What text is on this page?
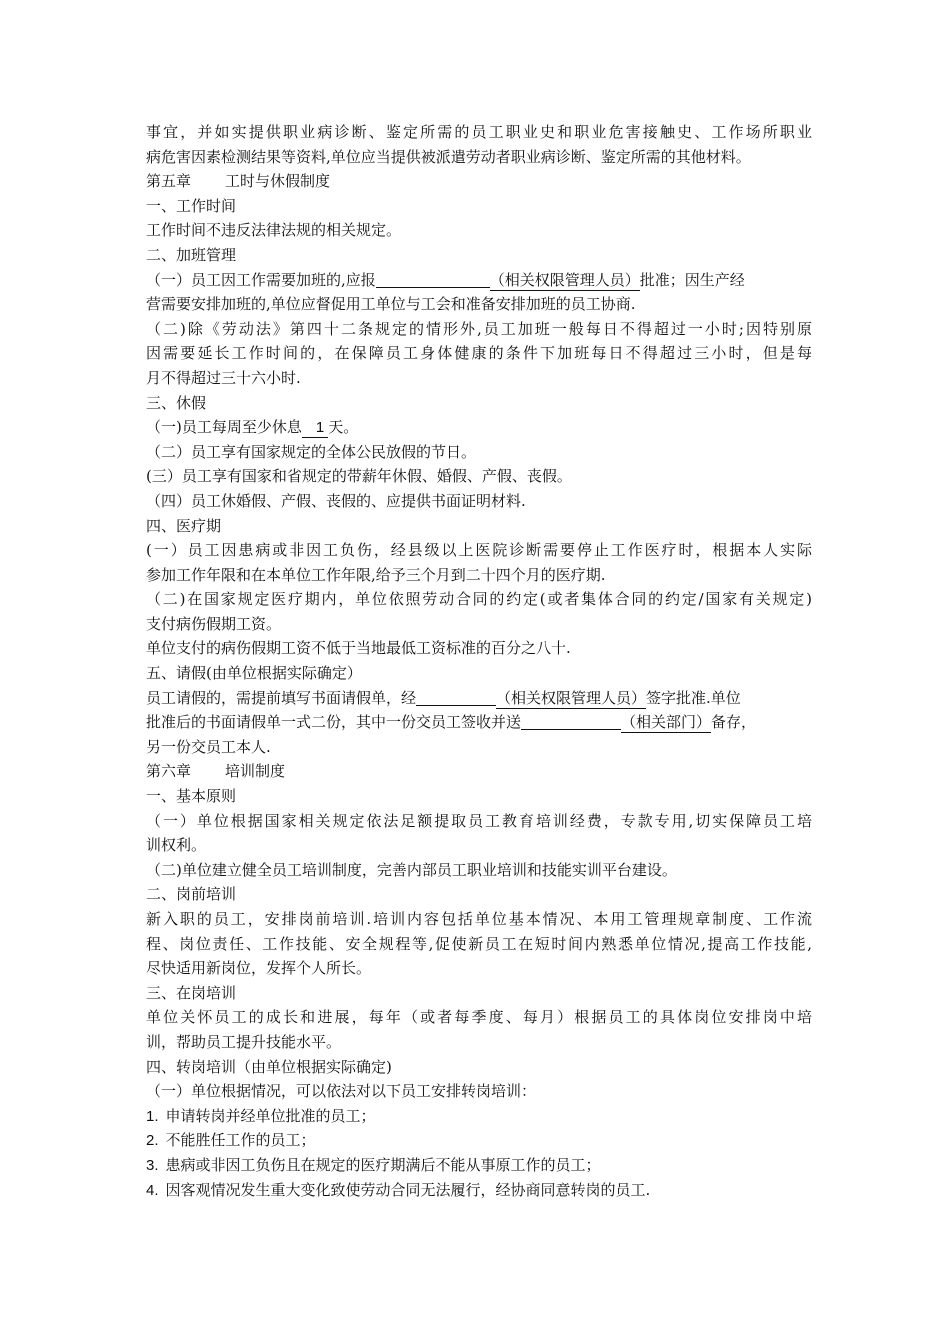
事宜，并如实提供职业病诊断、鉴定所需的员工职业史和职业危害接触史、工作场所职业
病危害因素检测结果等资料,单位应当提供被派遣劳动者职业病诊断、鉴定所需的其他材料。
第五章 工时与休假制度
一、工作时间
工作时间不违反法律法规的相关规定。
二、加班管理
（一）员工因工作需要加班的,应报	（相关权限管理人员）批准；因生产经
营需要安排加班的,单位应督促用工单位与工会和准备安排加班的员工协商.
（二)除《劳动法》第四十二条规定的情形外,员工加班一般每日不得超过一小时;因特别原
因需要延长工作时间的，在保障员工身体健康的条件下加班每日不得超过三小时，但是每
月不得超过三十六小时.
三、休假
（一)员工每周至少休息 1 天。
（二）员工享有国家规定的全体公民放假的节日。
(三）员工享有国家和省规定的带薪年休假、婚假、产假、丧假。
（四）员工休婚假、产假、丧假的、应提供书面证明材料.
四、医疗期
(一）员工因患病或非因工负伤，经县级以上医院诊断需要停止工作医疗时，根据本人实际
参加工作年限和在本单位工作年限,给予三个月到二十四个月的医疗期.
（二)在国家规定医疗期内，单位依照劳动合同的约定(或者集体合同的约定/国家有关规定)
支付病伤假期工资。
单位支付的病伤假期工资不低于当地最低工资标准的百分之八十.
五、请假(由单位根据实际确定）
员工请假的，需提前填写书面请假单，经	（相关权限管理人员）签字批准.单位
批准后的书面请假单一式二份，其中一份交员工签收并送	（相关部门）备存，
另一份交员工本人.
第六章 培训制度
一、基本原则
（一）单位根据国家相关规定依法足额提取员工教育培训经费，专款专用,切实保障员工培
训权利。
（二)单位建立健全员工培训制度，完善内部员工职业培训和技能实训平台建设。
二、岗前培训
新入职的员工，安排岗前培训.培训内容包括单位基本情况、本用工管理规章制度、工作流
程、岗位责任、工作技能、安全规程等,促使新员工在短时间内熟悉单位情况,提高工作技能,
尽快适用新岗位，发挥个人所长。
三、在岗培训
单位关怀员工的成长和进展，每年（或者每季度、每月）根据员工的具体岗位安排岗中培
训，帮助员工提升技能水平。
四、转岗培训（由单位根据实际确定)
（一）单位根据情况，可以依法对以下员工安排转岗培训：
1. 申请转岗并经单位批准的员工；
2. 不能胜任工作的员工；
3. 患病或非因工负伤且在规定的医疗期满后不能从事原工作的员工；
4. 因客观情况发生重大变化致使劳动合同无法履行，经协商同意转岗的员工.
